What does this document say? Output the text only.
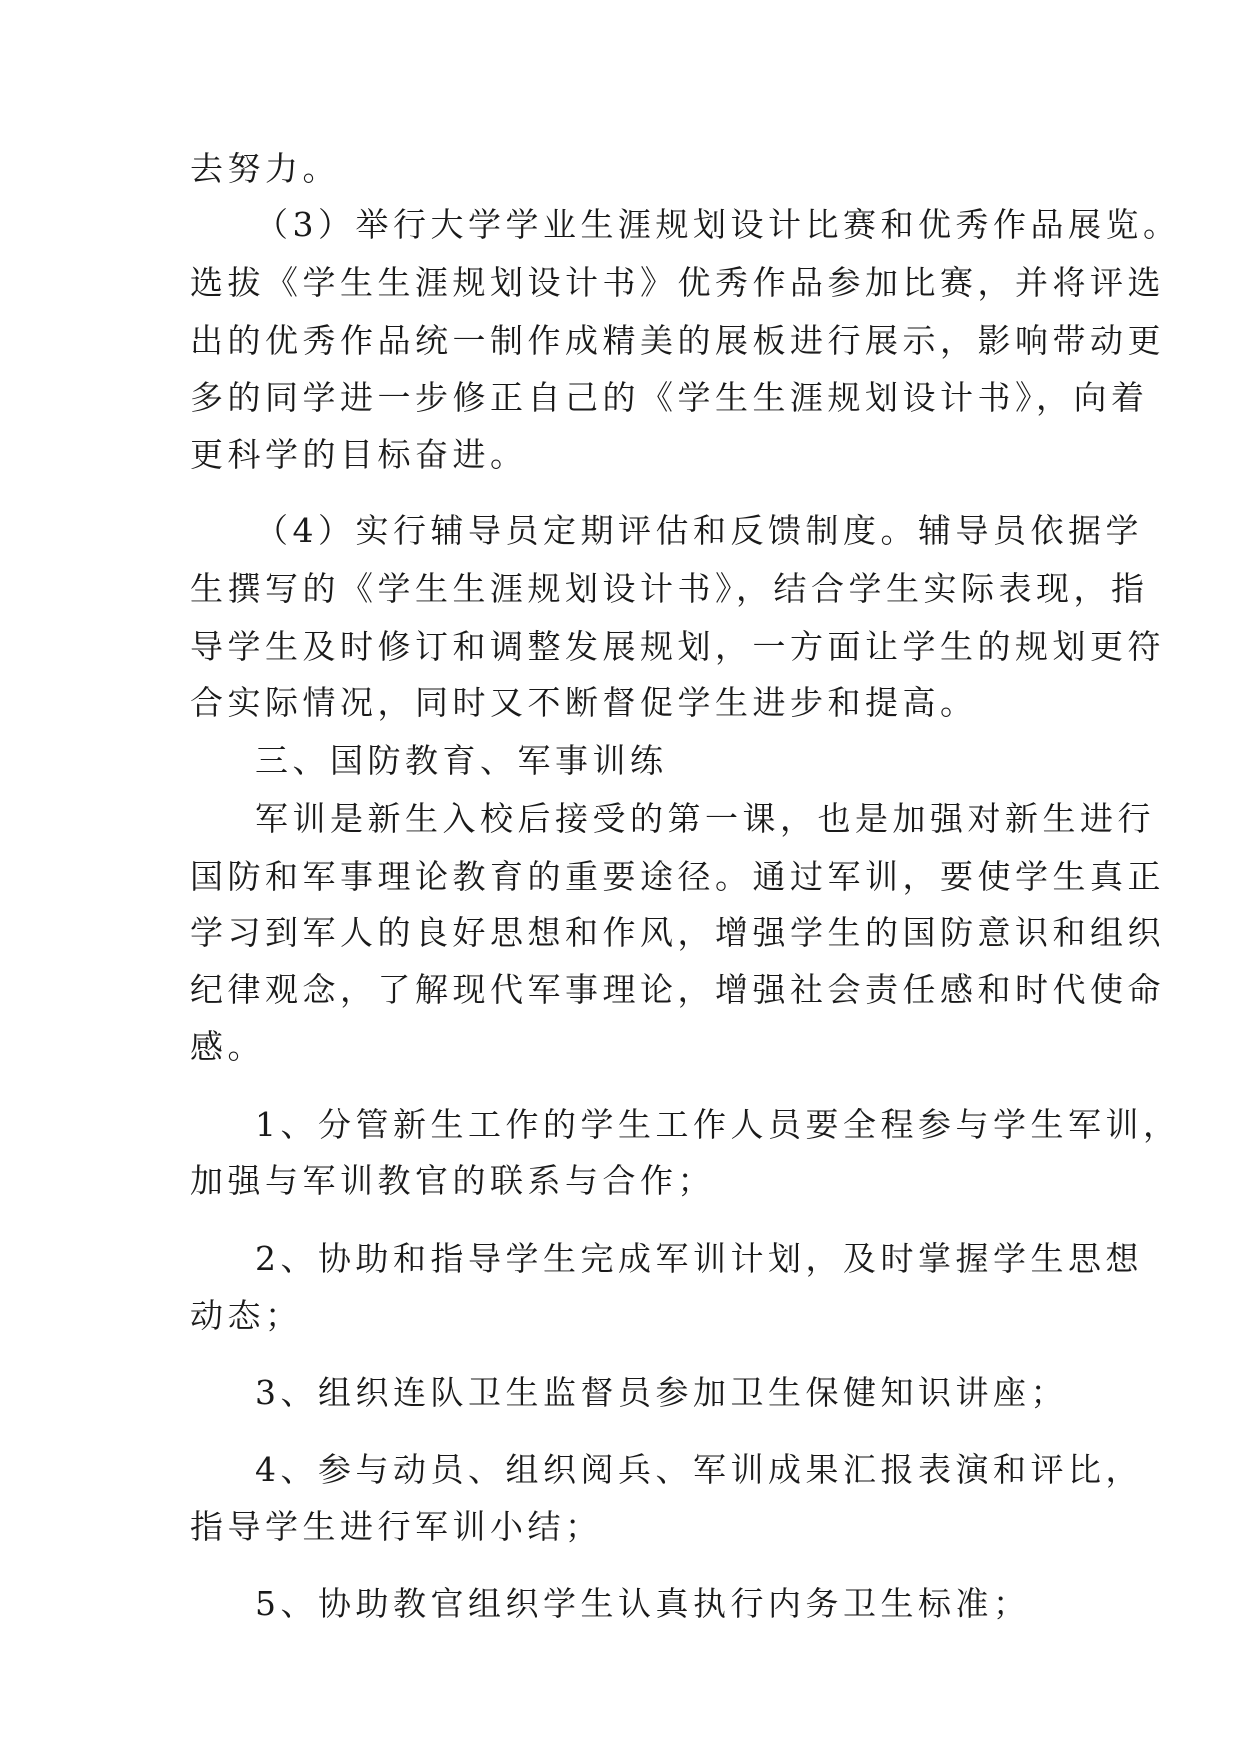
去努力。
（3）举行大学学业生涯规划设计比赛和优秀作品展览。
选拔《学生生涯规划设计书》优秀作品参加比赛，并将评选
出的优秀作品统一制作成精美的展板进行展示，影响带动更
多的同学进一步修正自己的《学生生涯规划设计书》，向着
更科学的目标奋进。
（4）实行辅导员定期评估和反馈制度。辅导员依据学
生撰写的《学生生涯规划设计书》，结合学生实际表现，指
导学生及时修订和调整发展规划，一方面让学生的规划更符
合实际情况，同时又不断督促学生进步和提高。
三、国防教育、军事训练
军训是新生入校后接受的第一课，也是加强对新生进行
国防和军事理论教育的重要途径。通过军训，要使学生真正
学习到军人的良好思想和作风，增强学生的国防意识和组织
纪律观念，了解现代军事理论，增强社会责任感和时代使命
感。
1、分管新生工作的学生工作人员要全程参与学生军训，
加强与军训教官的联系与合作；
2、协助和指导学生完成军训计划，及时掌握学生思想
动态；
3、组织连队卫生监督员参加卫生保健知识讲座；
4、参与动员、组织阅兵、军训成果汇报表演和评比，
指导学生进行军训小结；
5、协助教官组织学生认真执行内务卫生标准；
